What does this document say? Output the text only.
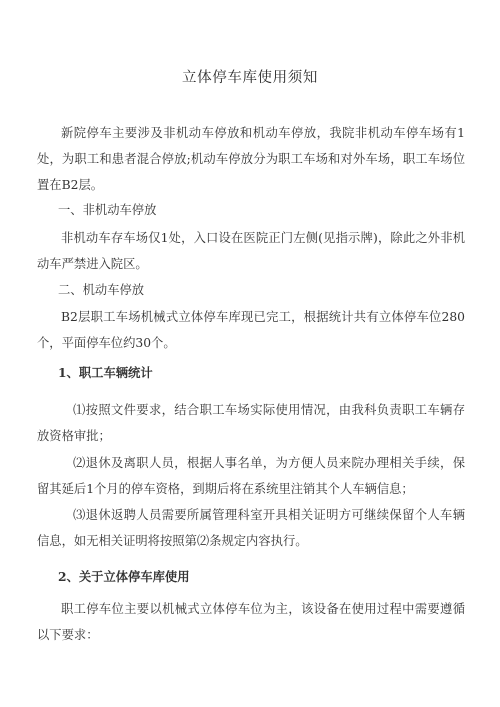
立体停车库使用须知
新院停车主要涉及非机动车停放和机动车停放，我院非机动车停车场有1处，为职工和患者混合停放;机动车停放分为职工车场和对外车场，职工车场位置在B2层。
一、非机动车停放
非机动车存车场仅1处，入口设在医院正门左侧(见指示牌)，除此之外非机动车严禁进入院区。
二、机动车停放
B2层职工车场机械式立体停车库现已完工，根据统计共有立体停车位280个，平面停车位约30个。
1、职工车辆统计
⑴按照文件要求，结合职工车场实际使用情况，由我科负责职工车辆存放资格审批；
⑵退休及离职人员，根据人事名单，为方便人员来院办理相关手续，保留其延后1个月的停车资格，到期后将在系统里注销其个人车辆信息；
⑶退休返聘人员需要所属管理科室开具相关证明方可继续保留个人车辆信息，如无相关证明将按照第⑵条规定内容执行。
2、关于立体停车库使用
职工停车位主要以机械式立体停车位为主，该设备在使用过程中需要遵循以下要求：
